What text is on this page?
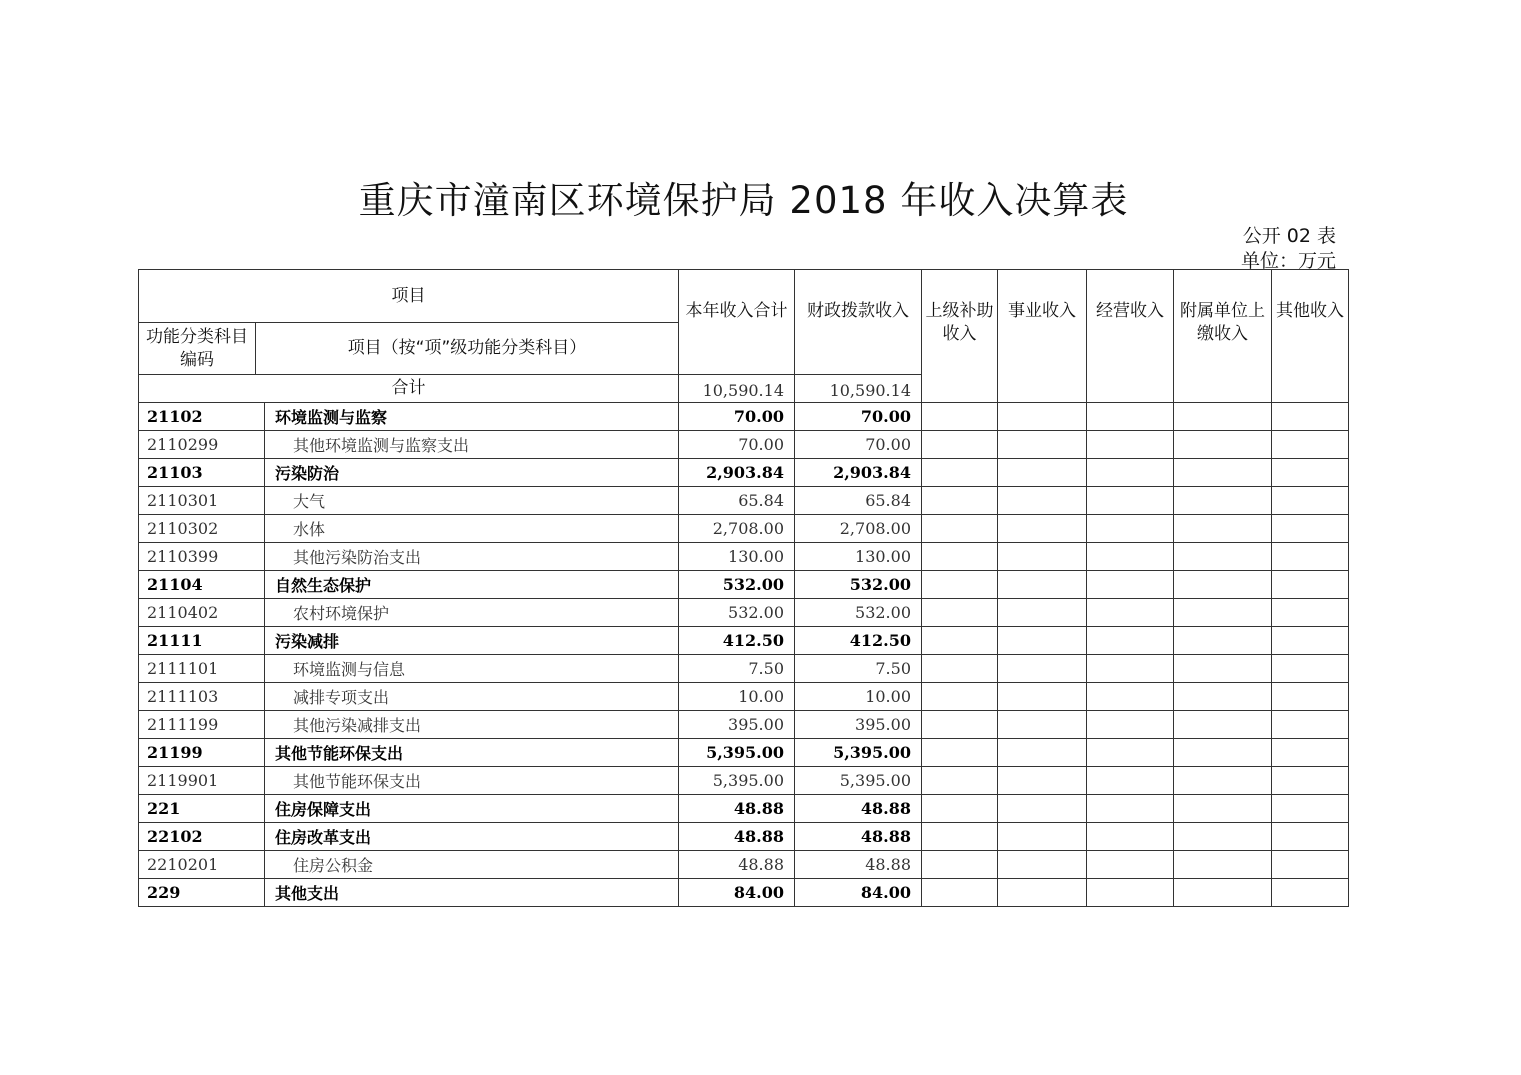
重庆市潼南区环境保护局 2018 年收入决算表
公开 02 表
单位：万元
项目		本年收入合计	财政拨款收入	上级补助收入	事业收入	经营收入	附属单位上缴收入	其他收入
功能分类科目编码	项目（按“项”级功能分类科目）							
合计		10,590.14	10,590.14					
21102	环境监测与监察	70.00	70.00					
2110299	其他环境监测与监察支出	70.00	70.00					
21103	污染防治	2,903.84	2,903.84					
2110301	大气	65.84	65.84					
2110302	水体	2,708.00	2,708.00					
2110399	其他污染防治支出	130.00	130.00					
21104	自然生态保护	532.00	532.00					
2110402	农村环境保护	532.00	532.00					
21111	污染减排	412.50	412.50					
2111101	环境监测与信息	7.50	7.50					
2111103	减排专项支出	10.00	10.00					
2111199	其他污染减排支出	395.00	395.00					
21199	其他节能环保支出	5,395.00	5,395.00					
2119901	其他节能环保支出	5,395.00	5,395.00					
221	住房保障支出	48.88	48.88					
22102	住房改革支出	48.88	48.88					
2210201	住房公积金	48.88	48.88					
229	其他支出	84.00	84.00					
